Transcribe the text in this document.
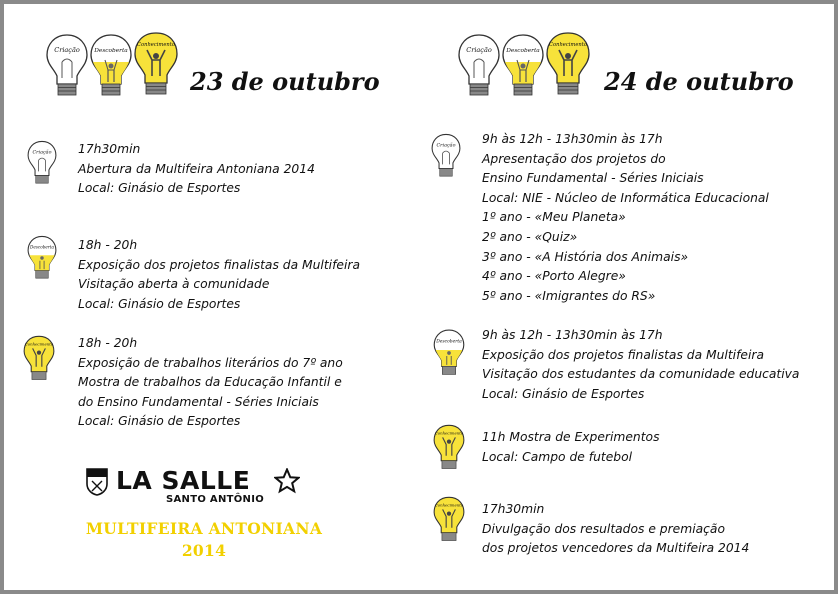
Criação	Descoberta
Conhecimento
23 de outubro
Criação	Descoberta
Conhecimento
24 de outubro
Criação 17h30min
Abertura da Multifeira Antoniana 2014
Local: Ginásio de Esportes
Descoberta 18h - 20h
Exposição dos projetos finalistas da Multifeira
Visitação aberta à comunidade
Local: Ginásio de Esportes
Conhecimento 18h - 20h
Exposição de trabalhos literários do 7º ano
Mostra de trabalhos da Educação Infantil e
do Ensino Fundamental - Séries Iniciais
Local: Ginásio de Esportes
Criação 9h às 12h - 13h30min às 17h
Apresentação dos projetos do
Ensino Fundamental - Séries Iniciais
Local: NIE - Núcleo de Informática Educacional
1º ano - «Meu Planeta»
2º ano - «Quiz»
3º ano - «A História dos Animais»
4º ano - «Porto Alegre»
5º ano - «Imigrantes do RS»
Descoberta
9h às 12h - 13h30min às 17h
Exposição dos projetos finalistas da Multifeira
Visitação dos estudantes da comunidade educativa
Local: Ginásio de Esportes
Conhecimento 11h Mostra de Experimentos
Local: Campo de futebol
Conhecimento 17h30min
Divulgação dos resultados e premiação
dos projetos vencedores da Multifeira 2014
LA SALLE
SANTO ANTÔNIO
MULTIFEIRA ANTONIANA
2014
